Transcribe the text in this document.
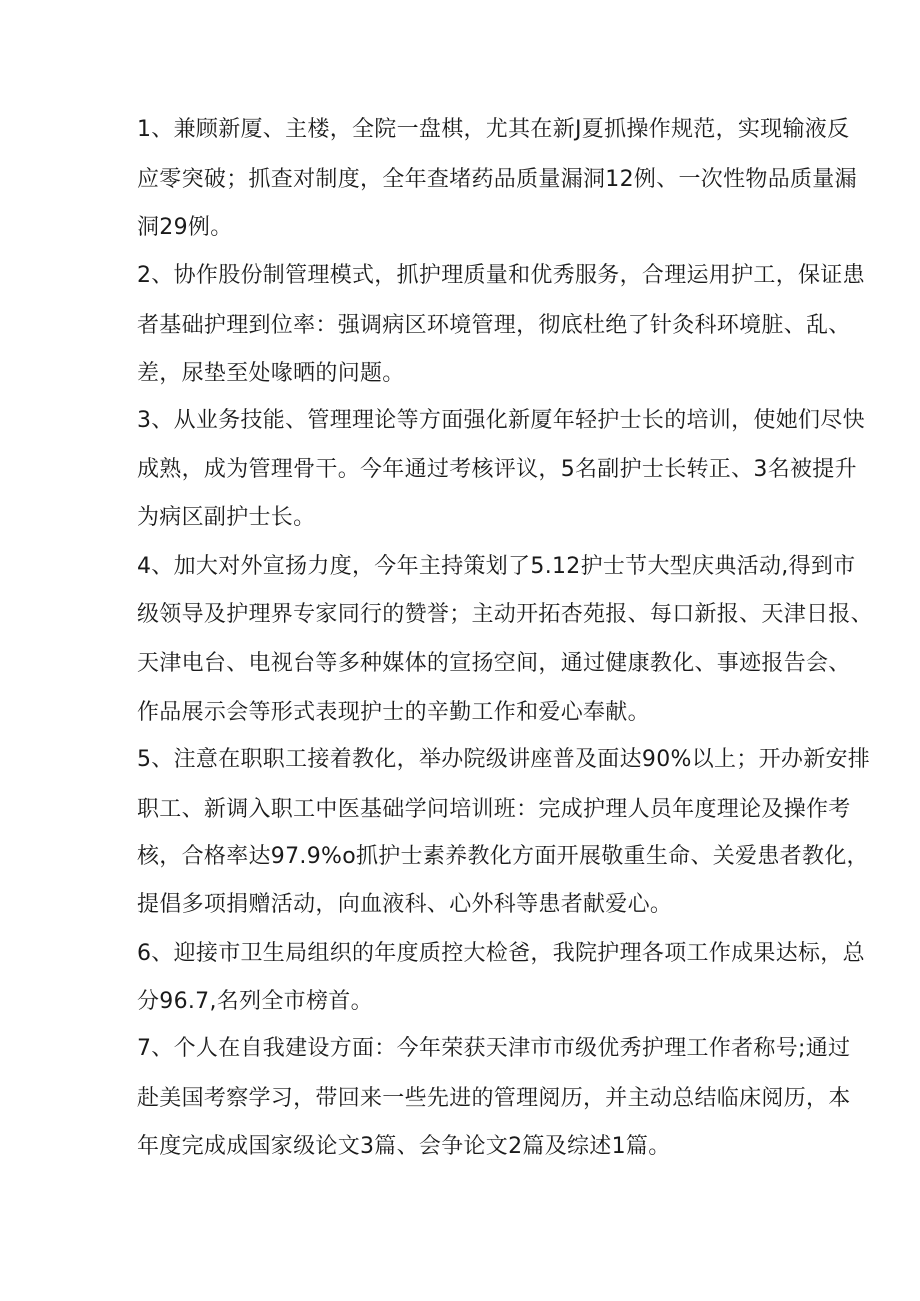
1、兼顾新厦、主楼，全院一盘棋，尤其在新J夏抓操作规范，实现输液反
应零突破；抓查对制度，全年查堵药品质量漏洞12例、一次性物品质量漏
洞29例。
2、协作股份制管理模式，抓护理质量和优秀服务，合理运用护工，保证患
者基础护理到位率：强调病区环境管理，彻底杜绝了针灸科环境脏、乱、
差，尿垫至处喙晒的问题。
3、从业务技能、管理理论等方面强化新厦年轻护士长的培训，使她们尽快
成熟，成为管理骨干。今年通过考核评议，5名副护士长转正、3名被提升
为病区副护士长。
4、加大对外宣扬力度，今年主持策划了5.12护士节大型庆典活动,得到市
级领导及护理界专家同行的赞誉；主动开拓杏苑报、每口新报、天津日报、
天津电台、电视台等多种媒体的宣扬空间，通过健康教化、事迹报告会、
作品展示会等形式表现护士的辛勤工作和爱心奉献。
5、注意在职职工接着教化，举办院级讲座普及面达90%以上；开办新安排
职工、新调入职工中医基础学问培训班：完成护理人员年度理论及操作考
核，合格率达97.9%o抓护士素养教化方面开展敬重生命、关爱患者教化，
提倡多项捐赠活动，向血液科、心外科等患者献爱心。
6、迎接市卫生局组织的年度质控大检爸，我院护理各项工作成果达标，总
分96.7,名列全市榜首。
7、个人在自我建设方面：今年荣获天津市市级优秀护理工作者称号;通过
赴美国考察学习，带回来一些先进的管理阅历，并主动总结临床阅历，本
年度完成成国家级论文3篇、会争论文2篇及综述1篇。
